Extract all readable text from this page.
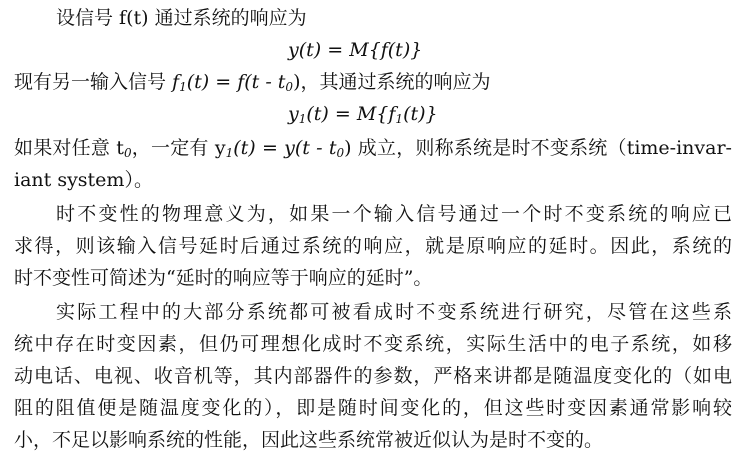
设信号 f(t) 通过系统的响应为
y(t) = M{f(t)}
现有另一输入信号 $f_1(t) = f(t - t_0)$，其通过系统的响应为
$y_1(t) = M\{f_1(t)\}$
如果对任意 $t_0$，一定有 $y_1(t) = y(t - t_0)$ 成立，则称系统是时不变系统（time-invar-
iant system）。
时不变性的物理意义为，如果一个输入信号通过一个时不变系统的响应已
求得，则该输入信号延时后通过系统的响应，就是原响应的延时。因此，系统的
时不变性可简述为“延时的响应等于响应的延时”。
实际工程中的大部分系统都可被看成时不变系统进行研究，尽管在这些系
统中存在时变因素，但仍可理想化成时不变系统，实际生活中的电子系统，如移
动电话、电视、收音机等，其内部器件的参数，严格来讲都是随温度变化的（如电
阻的阻值便是随温度变化的），即是随时间变化的，但这些时变因素通常影响较
小，不足以影响系统的性能，因此这些系统常被近似认为是时不变的。
